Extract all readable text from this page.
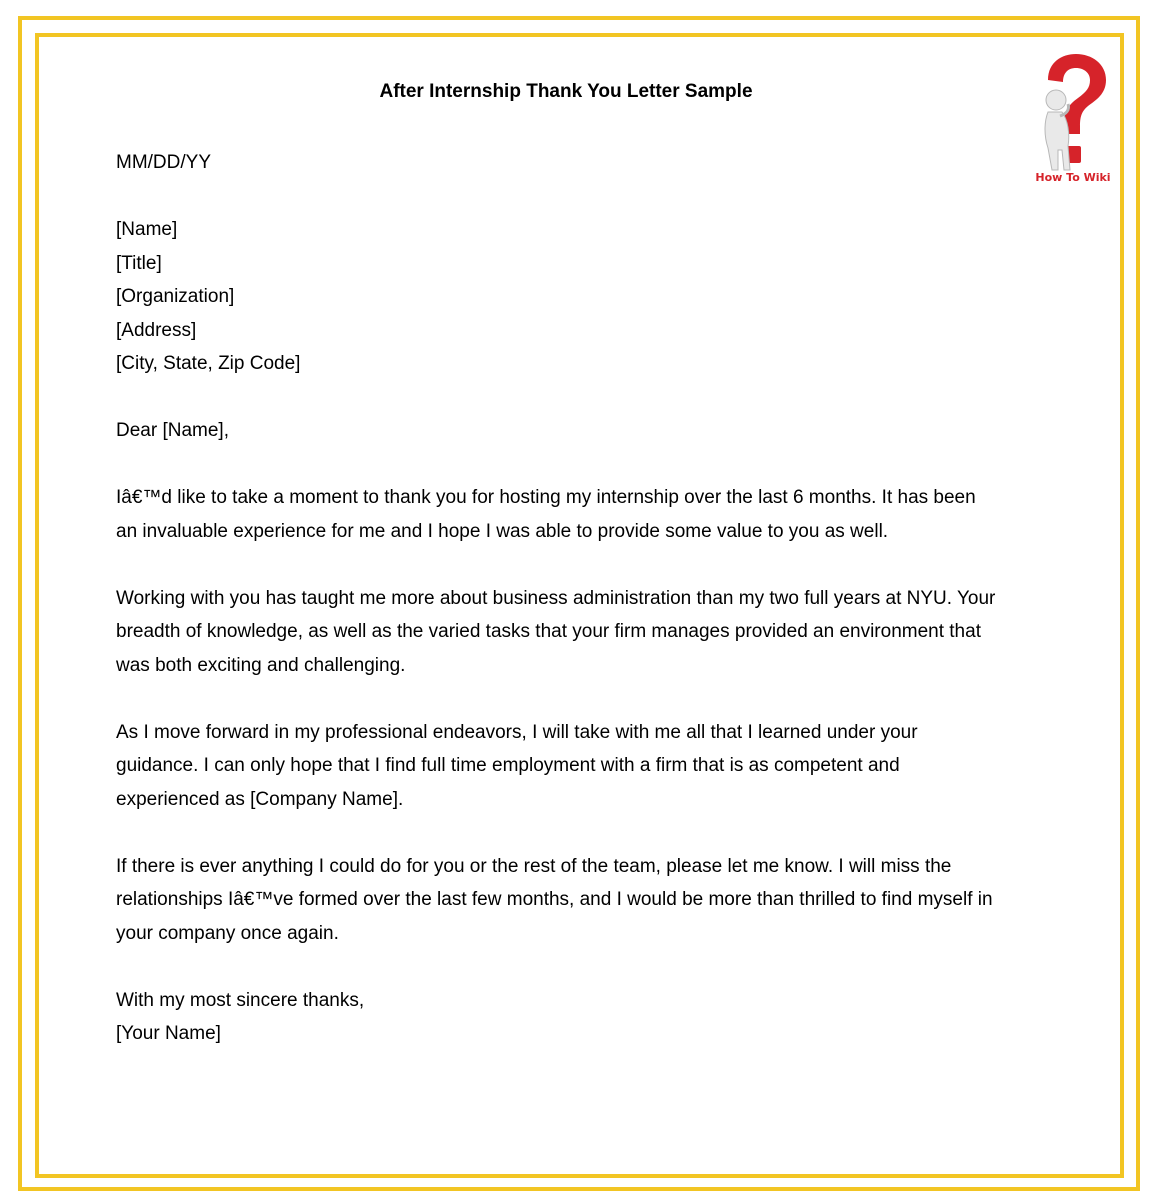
After Internship Thank You Letter Sample
How To Wiki

MM/DD/YY

[Name]
[Title]
[Organization]
[Address]
[City, State, Zip Code]

Dear [Name],

Iâ€™d like to take a moment to thank you for hosting my internship over the last 6 months. It has been
an invaluable experience for me and I hope I was able to provide some value to you as well.

Working with you has taught me more about business administration than my two full years at NYU. Your
breadth of knowledge, as well as the varied tasks that your firm manages provided an environment that
was both exciting and challenging.

As I move forward in my professional endeavors, I will take with me all that I learned under your
guidance. I can only hope that I find full time employment with a firm that is as competent and
experienced as [Company Name].

If there is ever anything I could do for you or the rest of the team, please let me know. I will miss the
relationships Iâ€™ve formed over the last few months, and I would be more than thrilled to find myself in
your company once again.

With my most sincere thanks,
[Your Name]
